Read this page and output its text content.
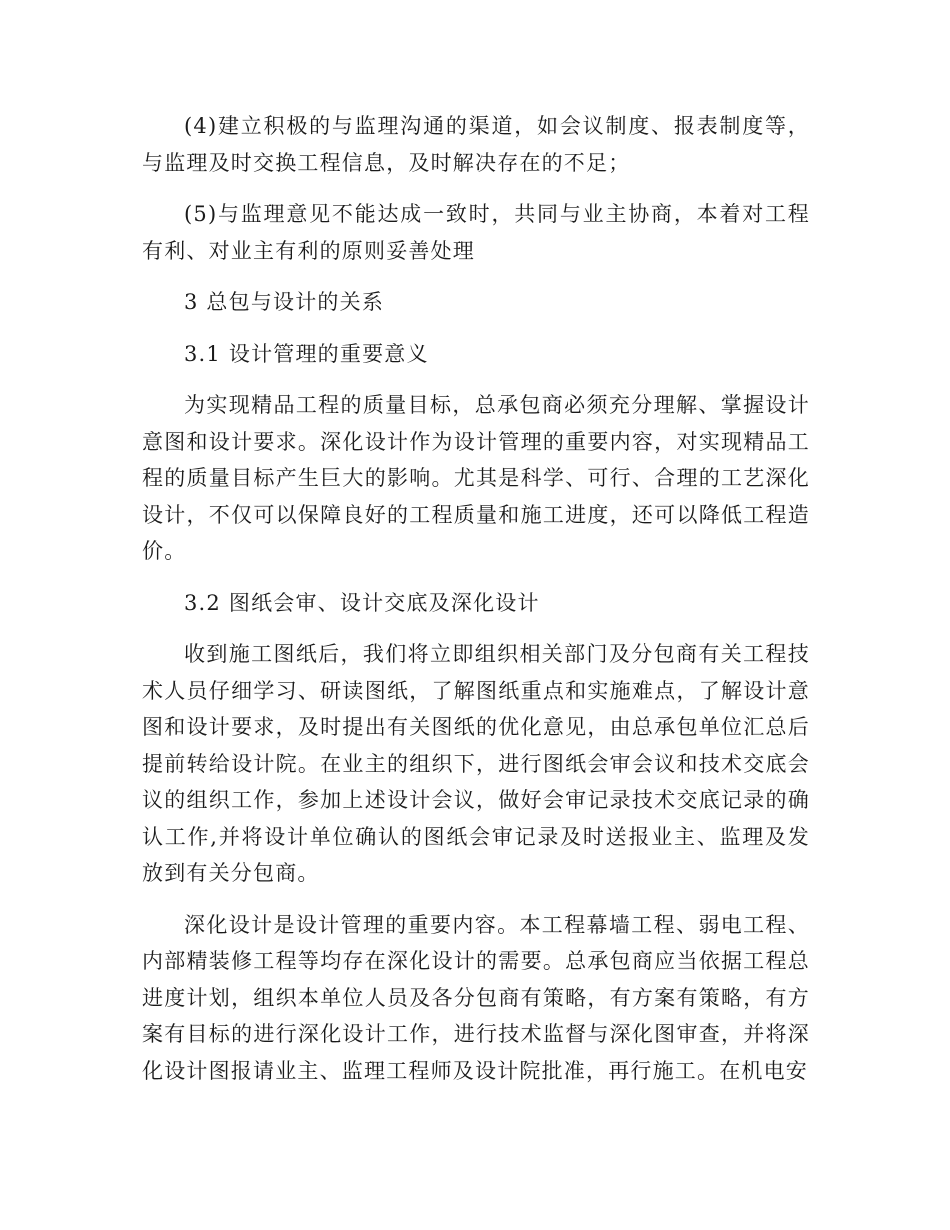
(4)建立积极的与监理沟通的渠道，如会议制度、报表制度等，与监理及时交换工程信息，及时解决存在的不足；

(5)与监理意见不能达成一致时，共同与业主协商，本着对工程有利、对业主有利的原则妥善处理

3 总包与设计的关系

3.1 设计管理的重要意义

为实现精品工程的质量目标，总承包商必须充分理解、掌握设计意图和设计要求。深化设计作为设计管理的重要内容，对实现精品工程的质量目标产生巨大的影响。尤其是科学、可行、合理的工艺深化设计，不仅可以保障良好的工程质量和施工进度，还可以降低工程造价。

3.2 图纸会审、设计交底及深化设计

收到施工图纸后，我们将立即组织相关部门及分包商有关工程技术人员仔细学习、研读图纸，了解图纸重点和实施难点，了解设计意图和设计要求，及时提出有关图纸的优化意见，由总承包单位汇总后提前转给设计院。在业主的组织下，进行图纸会审会议和技术交底会议的组织工作，参加上述设计会议，做好会审记录技术交底记录的确认工作,并将设计单位确认的图纸会审记录及时送报业主、监理及发放到有关分包商。

深化设计是设计管理的重要内容。本工程幕墙工程、弱电工程、内部精装修工程等均存在深化设计的需要。总承包商应当依据工程总进度计划，组织本单位人员及各分包商有策略，有方案有策略，有方案有目标的进行深化设计工作，进行技术监督与深化图审查，并将深化设计图报请业主、监理工程师及设计院批准，再行施工。在机电安
